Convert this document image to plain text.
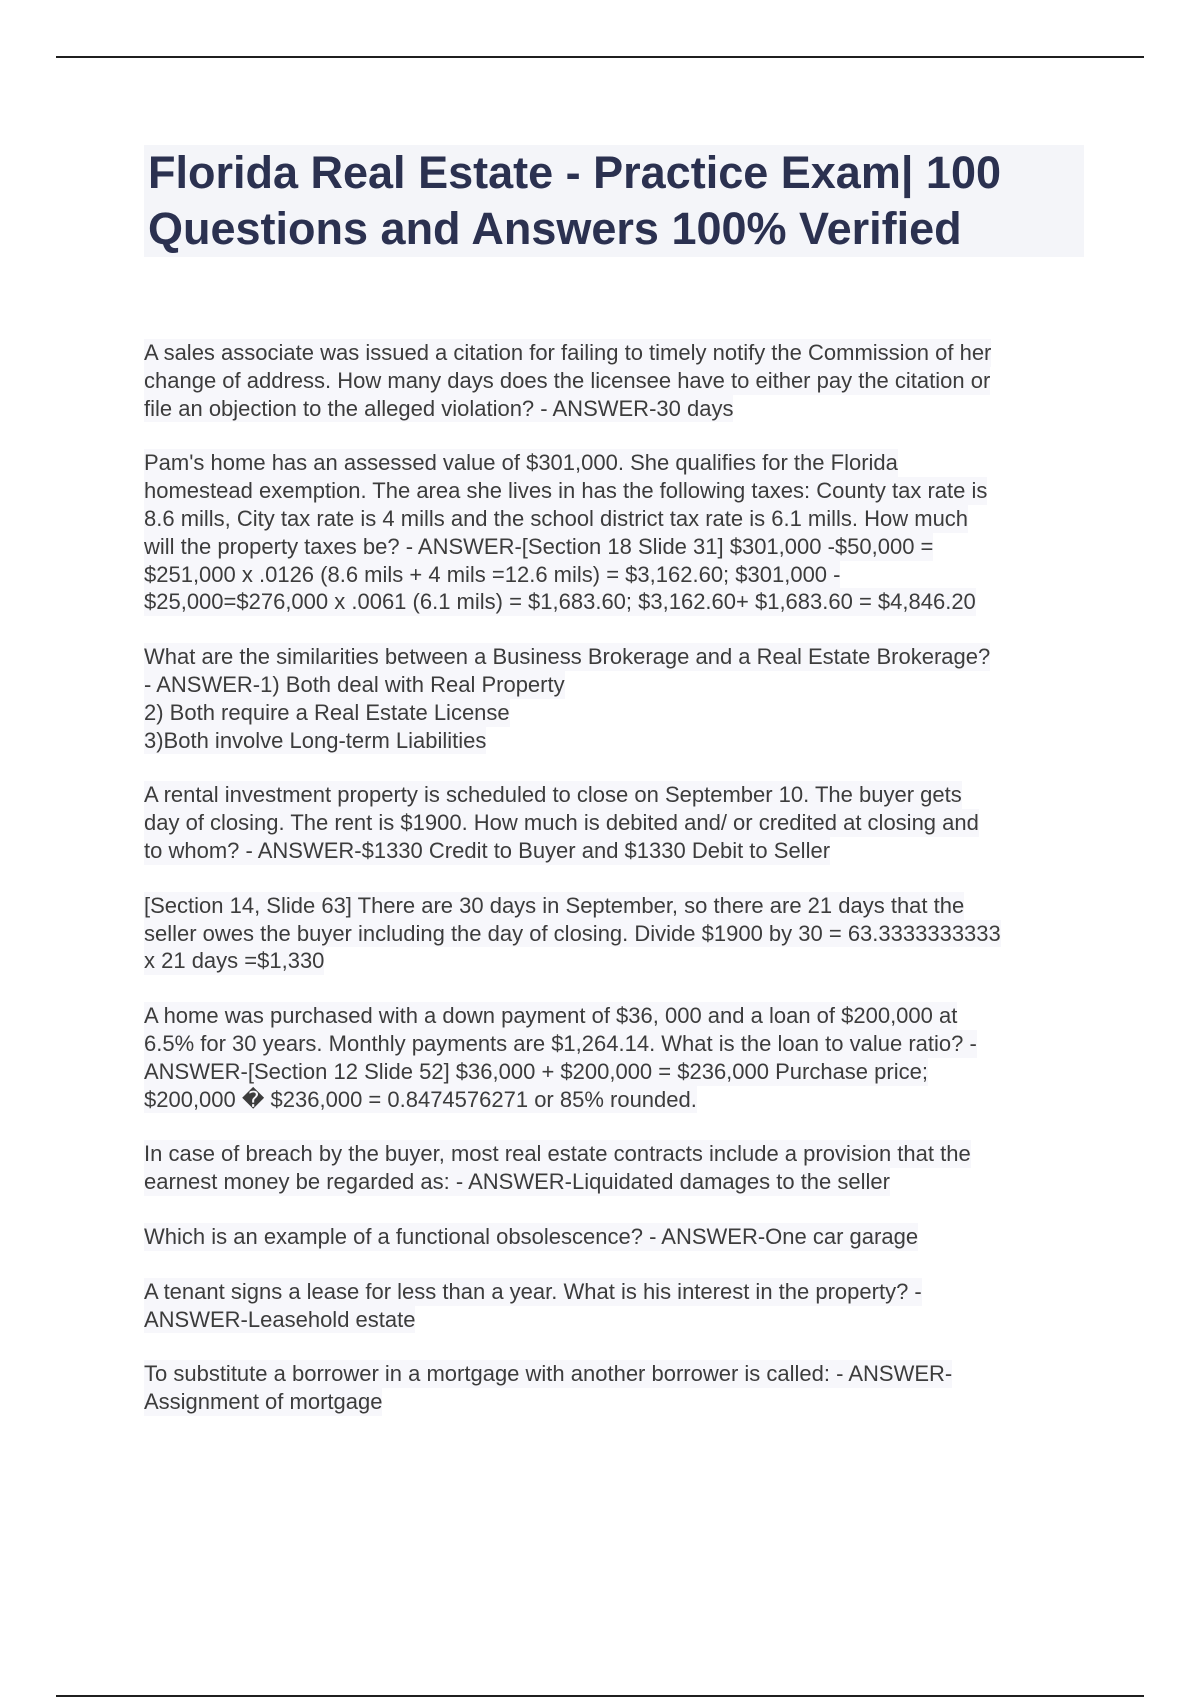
Florida Real Estate - Practice Exam| 100
Questions and Answers 100% Verified
A sales associate was issued a citation for failing to timely notify the Commission of her
change of address. How many days does the licensee have to either pay the citation or
file an objection to the alleged violation? - ANSWER-30 days
Pam's home has an assessed value of $301,000. She qualifies for the Florida
homestead exemption. The area she lives in has the following taxes: County tax rate is
8.6 mills, City tax rate is 4 mills and the school district tax rate is 6.1 mills. How much
will the property taxes be? - ANSWER-[Section 18 Slide 31] $301,000 -$50,000 =
$251,000 x .0126 (8.6 mils + 4 mils =12.6 mils) = $3,162.60; $301,000 -
$25,000=$276,000 x .0061 (6.1 mils) = $1,683.60; $3,162.60+ $1,683.60 = $4,846.20
What are the similarities between a Business Brokerage and a Real Estate Brokerage?
- ANSWER-1) Both deal with Real Property
2) Both require a Real Estate License
3)Both involve Long-term Liabilities
A rental investment property is scheduled to close on September 10. The buyer gets
day of closing. The rent is $1900. How much is debited and/ or credited at closing and
to whom? - ANSWER-$1330 Credit to Buyer and $1330 Debit to Seller
[Section 14, Slide 63] There are 30 days in September, so there are 21 days that the
seller owes the buyer including the day of closing. Divide $1900 by 30 = 63.3333333333
x 21 days =$1,330
A home was purchased with a down payment of $36, 000 and a loan of $200,000 at
6.5% for 30 years. Monthly payments are $1,264.14. What is the loan to value ratio? -
ANSWER-[Section 12 Slide 52] $36,000 + $200,000 = $236,000 Purchase price;
$200,000 � $236,000 = 0.8474576271 or 85% rounded.
In case of breach by the buyer, most real estate contracts include a provision that the
earnest money be regarded as: - ANSWER-Liquidated damages to the seller
Which is an example of a functional obsolescence? - ANSWER-One car garage
A tenant signs a lease for less than a year. What is his interest in the property? -
ANSWER-Leasehold estate
To substitute a borrower in a mortgage with another borrower is called: - ANSWER-
Assignment of mortgage
